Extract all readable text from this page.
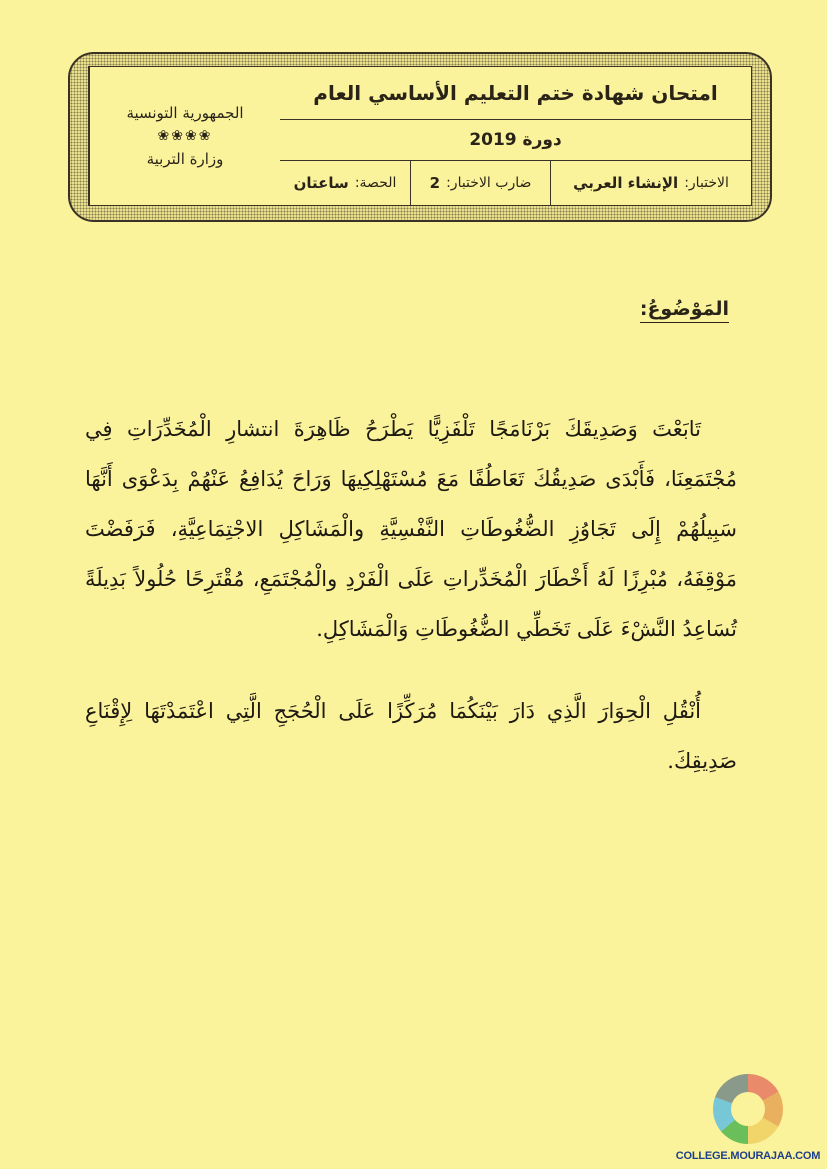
الجمهورية التونسية
❀❀❀❀
وزارة التربية
امتحان شهادة ختم التعليم الأساسي العام
دورة 2019
الاختبار:
الإنشاء العربي
ضارب الاختبار:
2
الحصة:
ساعتان
المَوْضُوعُ:
تَابَعْتَ وَصَدِيقَكَ بَرْنَامَجًا تَلْفَزِيًّا يَطْرَحُ ظَاهِرَةَ انتشارِ الْمُخَدِّرَاتِ فِي مُجْتَمَعِنَا، فَأَبْدَى صَدِيقُكَ تَعَاطُفًا مَعَ مُسْتَهْلِكِيهَا وَرَاحَ يُدَافِعُ عَنْهُمْ بِدَعْوَى أَنَّهَا سَبِيلُهُمْ إِلَى تَجَاوُزِ الضُّغُوطَاتِ النَّفْسِيَّةِ والْمَشَاكِلِ الاجْتِمَاعِيَّةِ، فَرَفَضْتَ مَوْقِفَهُ، مُبْرِزًا لَهُ أَخْطَارَ الْمُخَدِّراتِ عَلَى الْفَرْدِ والْمُجْتَمَعِ، مُقْتَرِحًا حُلُولاً بَدِيلَةً تُسَاعِدُ النَّشْءَ عَلَى تَخَطِّي الضُّغُوطَاتِ وَالْمَشَاكِلِ.
أُنْقُلِ الْحِوَارَ الَّذِي دَارَ بَيْنَكُمَا مُرَكِّزًا عَلَى الْحُجَجِ الَّتِي اعْتَمَدْتَهَا لِإِقْنَاعِ صَدِيقِكَ.
COLLEGE.MOURAJAA.COM
